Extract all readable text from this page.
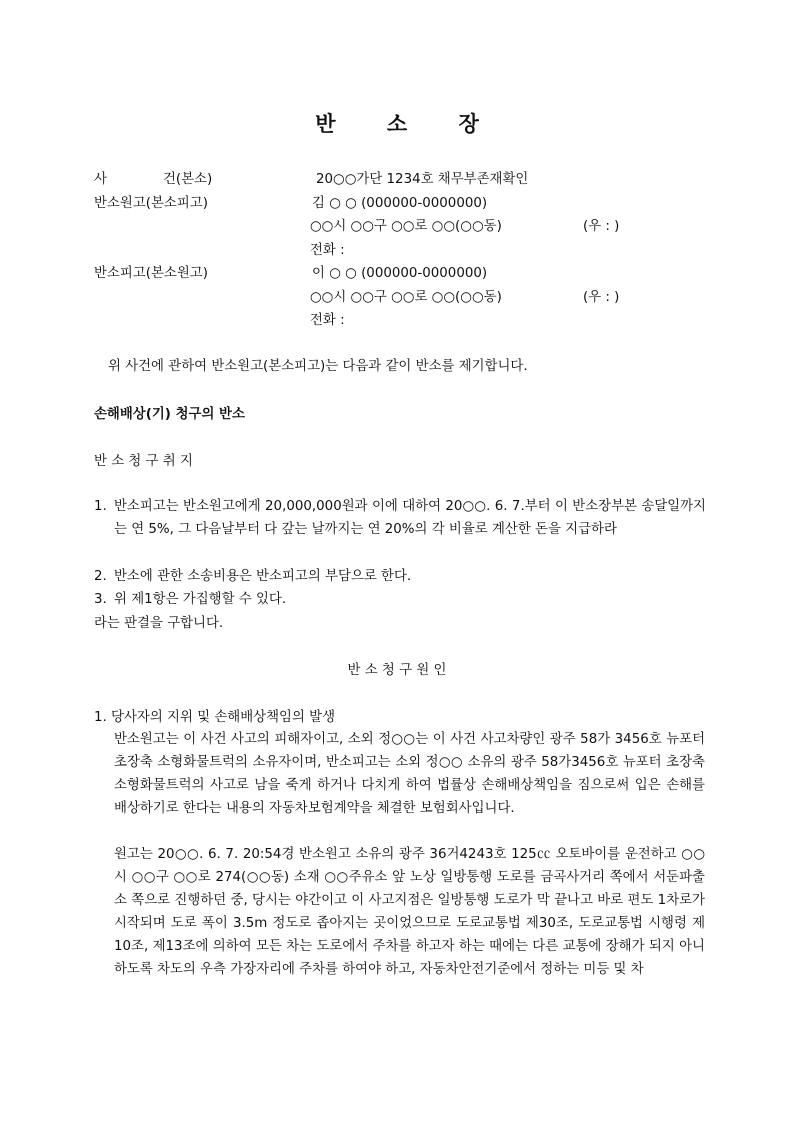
반 소 장
사	건(본소)	20○○가단 1234호 채무부존재확인
반소원고(본소피고)	김 ○ ○ (000000-0000000)
○○시 ○○구 ○○로 ○○(○○동)	(우 : )
전화 :
반소피고(본소원고)	이 ○ ○ (000000-0000000)
○○시 ○○구 ○○로 ○○(○○동)	(우 : )
전화 :
위 사건에 관하여 반소원고(본소피고)는 다음과 같이 반소를 제기합니다.
손해배상(기) 청구의 반소
반 소 청 구 취 지
1. 반소피고는 반소원고에게 20,000,000원과 이에 대하여 20○○. 6. 7.부터 이 반소장부본 송달일까지는 연 5%, 그 다음날부터 다 갚는 날까지는 연 20%의 각 비율로 계산한 돈을 지급하라
2. 반소에 관한 소송비용은 반소피고의 부담으로 한다.
3. 위 제1항은 가집행할 수 있다.
라는 판결을 구합니다.
반 소 청 구 원 인
1. 당사자의 지위 및 손해배상책임의 발생
반소원고는 이 사건 사고의 피해자이고, 소외 정○○는 이 사건 사고차량인 광주 58가 3456호 뉴포터 초장축 소형화물트럭의 소유자이며, 반소피고는 소외 정○○ 소유의 광주 58가3456호 뉴포터 초장축 소형화물트럭의 사고로 남을 죽게 하거나 다치게 하여 법률상 손해배상책임을 짐으로써 입은 손해를 배상하기로 한다는 내용의 자동차보험계약을 체결한 보험회사입니다.
원고는 20○○. 6. 7. 20:54경 반소원고 소유의 광주 36거4243호 125㏄ 오토바이를 운전하고 ○○시 ○○구 ○○로 274(○○동) 소재 ○○주유소 앞 노상 일방통행 도로를 금곡사거리 쪽에서 서둔파출소 쪽으로 진행하던 중, 당시는 야간이고 이 사고지점은 일방통행 도로가 막 끝나고 바로 편도 1차로가 시작되며 도로 폭이 3.5m 정도로 좁아지는 곳이었으므로 도로교통법 제30조, 도로교통법 시행령 제10조, 제13조에 의하여 모든 차는 도로에서 주차를 하고자 하는 때에는 다른 교통에 장해가 되지 아니하도록 차도의 우측 가장자리에 주차를 하여야 하고, 자동차안전기준에서 정하는 미등 및 차
